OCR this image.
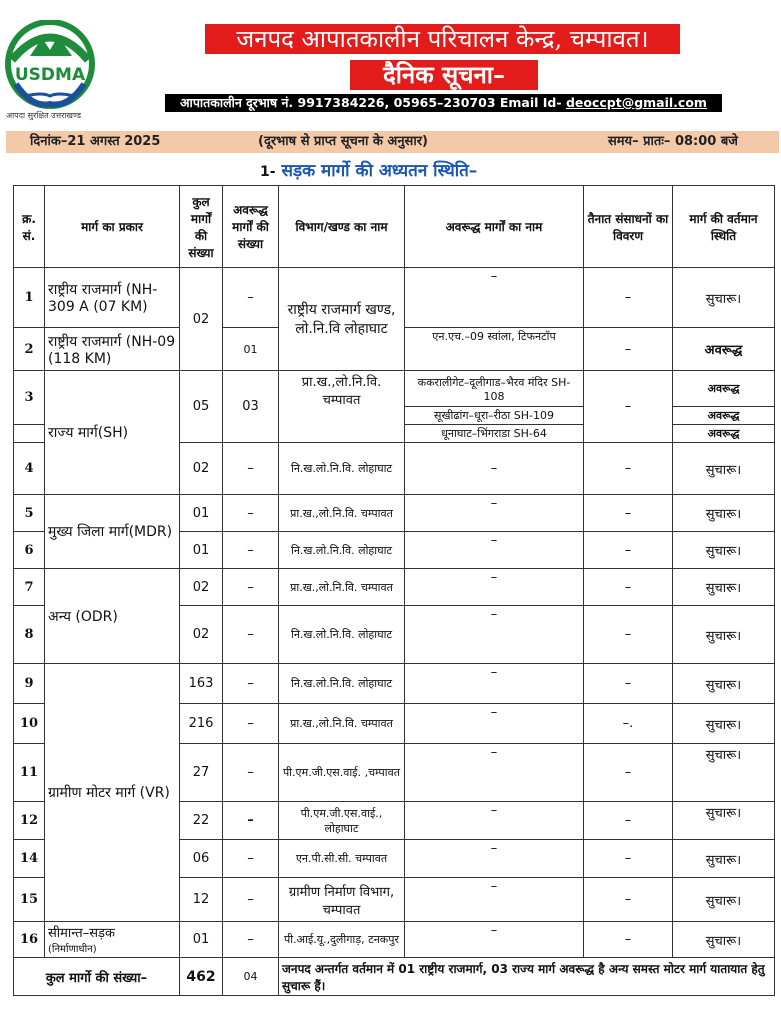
USDMA
आपदा सुरक्षित उत्तराखण्ड
जनपद आपातकालीन परिचालन केन्द्र, चम्पावत।
दैनिक सूचना–
आपातकालीन दूरभाष नं. 9917384226, 05965–230703 Email Id- deoccpt@gmail.com
दिनांक–21 अगस्त 2025	(दूरभाष से प्राप्त सूचना के अनुसार)	समय– प्रातः– 08:00 बजे
1- सड़क मार्गो की अध्यतन स्थिति–
क्र. सं.	मार्ग का प्रकार	कुल मार्गों की संख्या	अवरूद्ध मार्गों की संख्या	विभाग/खण्ड का नाम	अवरूद्ध मार्गों का नाम	तैनात संसाधनों का विवरण	मार्ग की वर्तमान स्थिति
1	राष्ट्रीय राजमार्ग (NH-309 A (07 KM)	02	–	राष्ट्रीय राजमार्ग खण्ड, लो.नि.वि लोहाघाट	–	–	सुचारू।
2	राष्ट्रीय राजमार्ग (NH-09 (118 KM)		01		एन.एच.–09 स्वांला, टिफनटॉप	–	अवरूद्ध
3	राज्य मार्ग(SH)	05	03	प्रा.ख.,लो.नि.वि. चम्पावत	ककरालीगेट–दूलीगाड–भैरव मंदिर SH-108	–	अवरूद्ध
					सूखीढांग–धूरा–रीठा SH-109		अवरूद्ध
					धूनाघाट–भिंगराडा SH-64		अवरूद्ध
4		02	–	नि.ख.लो.नि.वि. लोहाघाट	–	–	सुचारू।
5	मुख्य जिला मार्ग(MDR)	01	–	प्रा.ख.,लो.नि.वि. चम्पावत	–	–	सुचारू।
6		01	–	नि.ख.लो.नि.वि. लोहाघाट	–	–	सुचारू।
7	अन्य (ODR)	02	–	प्रा.ख.,लो.नि.वि. चम्पावत	–	–	सुचारू।
8		02	–	नि.ख.लो.नि.वि. लोहाघाट	–	–	सुचारू।
9	ग्रामीण मोटर मार्ग (VR)	163	–	नि.ख.लो.नि.वि. लोहाघाट	–	–	सुचारू।
10		216	–	प्रा.ख.,लो.नि.वि. चम्पावत	–	–.	सुचारू।
11		27	–	पी.एम.जी.एस.वाई. ,चम्पावत	–	–	सुचारू।
12		22	–	पी.एम.जी.एस.वाई., लोहाघाट	–	–	सुचारू।
14		06	–	एन.पी.सी.सी. चम्पावत	–	–	सुचारू।
15		12	–	ग्रामीण निर्माण विभाग, चम्पावत	–	–	सुचारू।
16	सीमान्त–सड़क
(निर्माणाधीन)	01	–	पी.आई.यू.,दुलीगाड़, टनकपुर	–	–	सुचारू।
कुल मार्गो की संख्या–		462	04	जनपद अन्तर्गत वर्तमान में 01 राष्ट्रीय राजमार्ग, 03 राज्य मार्ग अवरूद्ध है अन्य समस्त मोटर मार्ग यातायात हेतु सुचारू हैं।			
